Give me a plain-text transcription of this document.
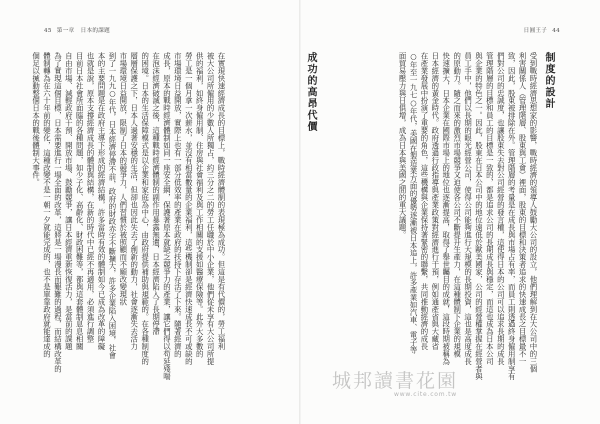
45 第一章 日本的課題	日圓王子 44
制度的設計
受到戰時經濟思想家的影響，戰時經濟的領導人鼓勵大公司的設立，他們理解到在大公司中的三個
利害關係人（管理階層、股東與工會）裡面，股東的目標和決策者追求的快速成長之目標最不一
致，因此，股東被排除在外。管理階層的考量是在成長與市場占有率，而員工則透過終身僱用制享有
們對公司的忠誠度，也讓股東失去對公司經營的發言權，這使得日本的公司可以追求長期的成長
管理階層的目標和員工的目標是一致的，都是追求公司的長期成長與穩定，而這也成為日本公司
與企業的特色之一。因此，股東在日本公司中的地位遠低於歐美國家，公司的經營權掌握在經營者與
員工手中，他們以長期的眼光經營公司，使得公司能夠進行大規模的長期投資，這也是高度成長
的原動力。隨之而來的激烈市場競爭又迫使各公司不斷提升生產力，在這種體制下企業的規模
快速擴大，日本企業在國際市場上的地位也逐漸提高，取得了舉世矚目的成就，這段時期被稱為
日本經濟的黃金時代。政府透過行政指導與產業政策對經濟進行干預，例如通產省與大藏省
在產業發展中扮演了重要的角色，這些機構與企業保持著緊密的聯繫，共同推動經濟的成長
○年至一九七○年代，美國在製造業方面的優勢逐漸被日本追上，許多產業如汽車、電子等
面貿易壓力與日俱增，成為日本與美國之間的重大議題。
成功的高昂代價
在實現快速經濟成長的目標上，戰時經濟體制的表現極為成功。但這是有代價的，勞工福利
被大公司所僱用的少數人所獨占，約三分之二的勞工任職於中小企業，他們從未享有大公司所提
供的福利，如終身僱用制、住房與社會福利及與工作相關的支援如醫療保險等。此外大多數的
勞工是一個月拿一次薪水，並沒有相當數量的企業福利，這些機制卻是經濟快速成長不可或缺的
市場環境日益開放，實際上也有一部分低效率的產業在政府的扶持下存活了下來。隨著經濟的
成長，原本的戰時經濟體制如同一座安全網，保護著原本就缺乏競爭力的產業，讓它們得以苟延殘喘
在泡沫經濟破滅之後，這種戰時經濟體制的副作用暴露無遺，日本經濟陷入了長期停滯
的困境。日本的生活保障模式是以企業和家庭為中心，由政府提供補助與規範的。在各種制度的
層層保護之下，日本人過著安穩的生活，但卻也因此失去了創新的動力，社會逐漸失去活力
市場環境日益開放，限制了日本的競爭力，人們習慣於被照顧而不願改變現狀
到了一九九○年代，日本經濟停滯不前，政府的財政赤字不斷擴大，許多企業陷入困境，社會
本的主要問題是在政府主導下形成的經濟結構，許多當時有效的體制如今已成為改革的障礙
也就是說，原本支撐經濟成長的體制與結構，在新的時代中已經不再適用，必須進行調整
目前日本社會所面臨的各種問題，如少子化、高齡化、財政困難等，都與這套體制息息相關
自由市場、減輕政府干預、開放市場、鼓勵競爭，讓日本經濟重新恢復活力，是當前的課題
為了實現這個目標，日本需要進行一場全面的改革，這將是一場漫長而艱難的過程，而結構改革的
體制轉為在六十年前的變化，這種改變不是一朝一夕就能完成的，也不是單靠政府就能達成的
個足以揻動整個日本的戰後體制大事件。
城邦讀書花園
www.cite.com.tw
